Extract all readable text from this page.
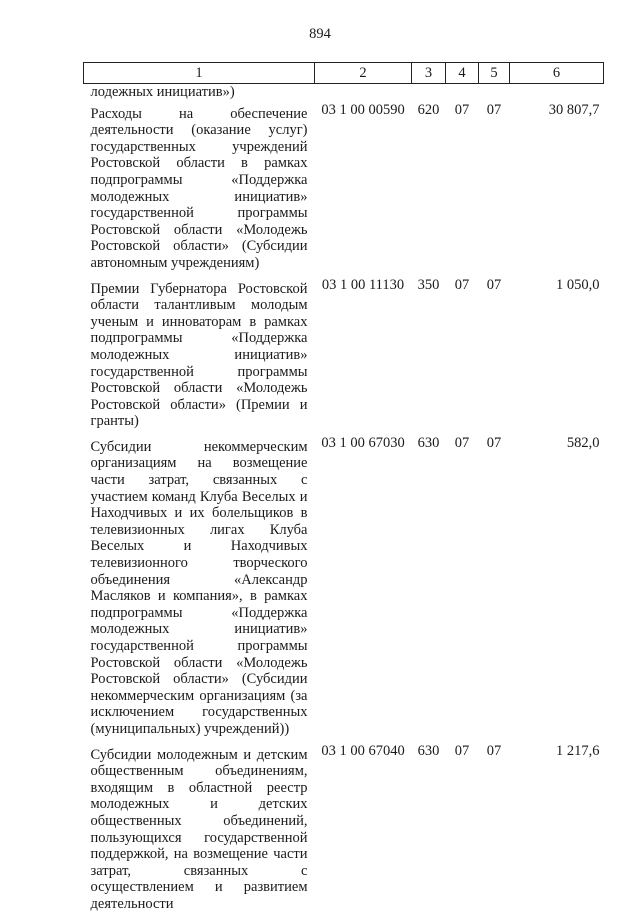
894
1	2	3	4	5	6
лодежных инициатив»)					
Расходы на обеспечение деятельности (оказание услуг) государственных учреждений Ростовской области в рамках подпрограммы «Поддержка молодежных инициатив» государственной программы Ростовской области «Молодежь Ростовской области» (Субсидии автономным учреждениям)	03 1 00 00590	620	07	07	30 807,7
Премии Губернатора Ростовской области талантливым молодым ученым и инноваторам в рамках подпрограммы «Поддержка молодежных инициатив» государственной программы Ростовской области «Молодежь Ростовской области» (Премии и гранты)	03 1 00 11130	350	07	07	1 050,0
Субсидии некоммерческим организациям на возмещение части затрат, связанных с участием команд Клуба Веселых и Находчивых и их болельщиков в телевизионных лигах Клуба Веселых и Находчивых телевизионного творческого объединения «Александр Масляков и компания», в рамках подпрограммы «Поддержка молодежных инициатив» государственной программы Ростовской области «Молодежь Ростовской области» (Субсидии некоммерческим организациям (за исключением государственных (муниципальных) учреждений))	03 1 00 67030	630	07	07	582,0
Субсидии молодежным и детским общественным объединениям, входящим в областной реестр молодежных и детских общественных объединений, пользующихся государственной поддержкой, на возмещение части затрат, связанных с осуществлением и развитием деятельности	03 1 00 67040	630	07	07	1 217,6
